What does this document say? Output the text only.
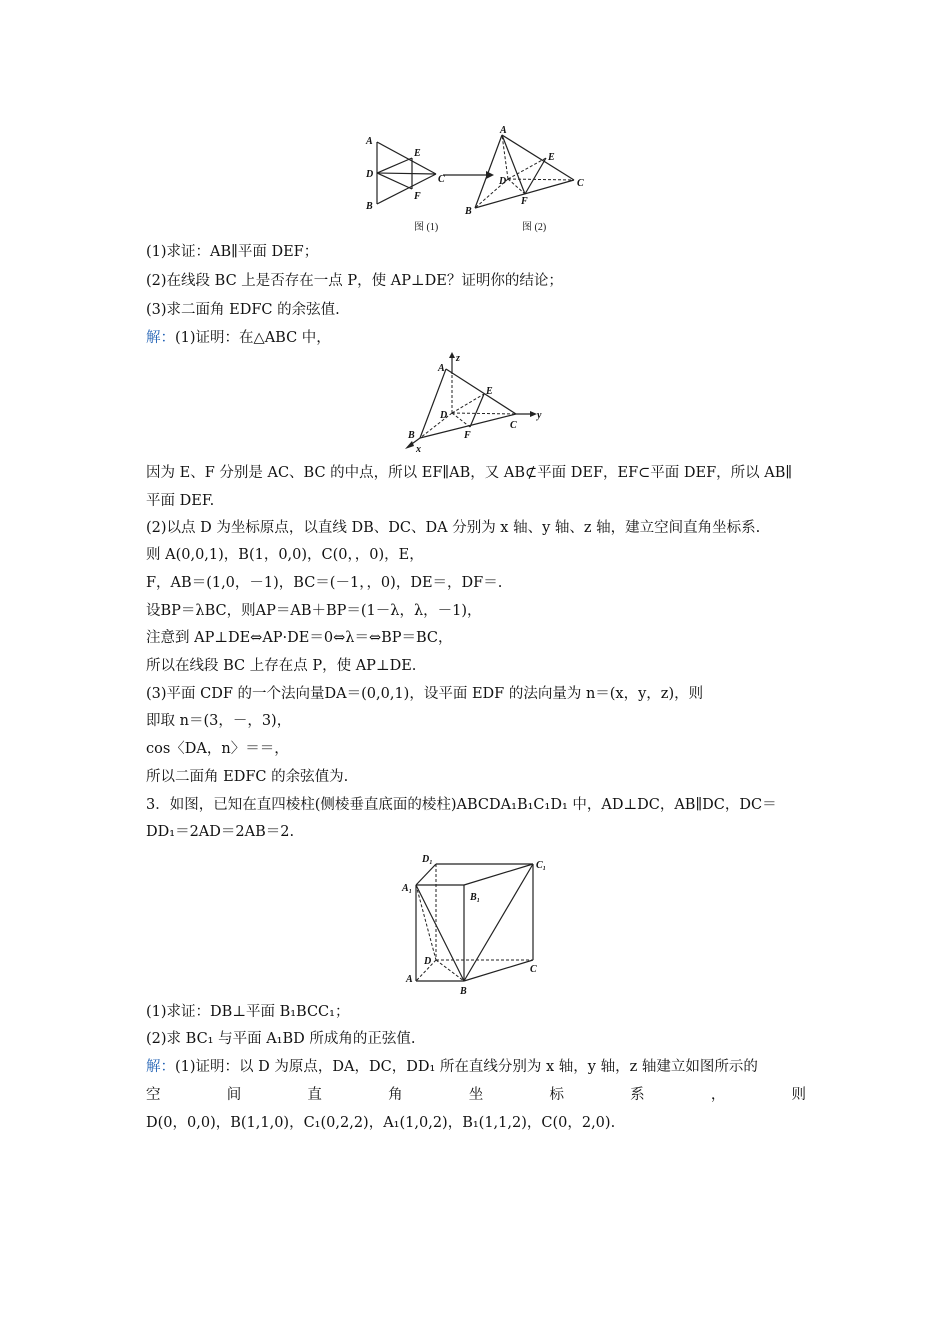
A
D
B
E
F
C
A
D
B
E
F
C
图 (1)	图 (2)
(1)求证：AB∥平面 DEF；
(2)在线段 BC 上是否存在一点 P，使 AP⊥DE？证明你的结论；
(3)求二面角 EDFC 的余弦值.
解：(1)证明：在△ABC 中，
z
A
E
D	y
C
F
B
x
因为 E、F 分别是 AC、BC 的中点，所以 EF∥AB，又 AB⊄平面 DEF，EF⊂平面 DEF，所以 AB∥
平面 DEF.
(2)以点 D 为坐标原点，以直线 DB、DC、DA 分别为 x 轴、y 轴、z 轴，建立空间直角坐标系.
则 A(0,0,1)，B(1，0,0)，C(0，，0)，E，
F，AB＝(1,0，－1)，BC＝(－1，，0)，DE＝，DF＝.
设BP＝λBC，则AP＝AB＋BP＝(1－λ，λ，－1)，
注意到 AP⊥DE⇔AP·DE＝0⇔λ＝⇔BP＝BC，
所以在线段 BC 上存在点 P，使 AP⊥DE.
(3)平面 CDF 的一个法向量DA＝(0,0,1)，设平面 EDF 的法向量为 n＝(x，y，z)，则
即取 n＝(3，－，3)，
cos〈DA，n〉＝＝，
所以二面角 EDFC 的余弦值为.
3．如图，已知在直四棱柱(侧棱垂直底面的棱柱)ABCDA₁B₁C₁D₁ 中，AD⊥DC，AB∥DC，DC＝
DD₁＝2AD＝2AB＝2.
D₁
C₁
A₁
B₁
D
C
A
B
(1)求证：DB⊥平面 B₁BCC₁；
(2)求 BC₁ 与平面 A₁BD 所成角的正弦值.
解：(1)证明：以 D 为原点，DA，DC，DD₁ 所在直线分别为 x 轴，y 轴，z 轴建立如图所示的
空	间	直	角	坐	标	系	，	则
D(0，0,0)，B(1,1,0)，C₁(0,2,2)，A₁(1,0,2)，B₁(1,1,2)，C(0，2,0).
